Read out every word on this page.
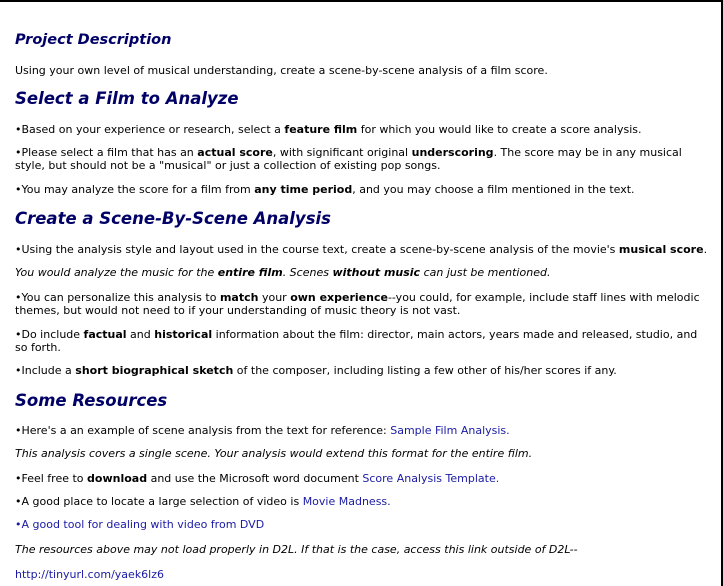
Project Description

Using your own level of musical understanding, create a scene-by-scene analysis of a film score.

Select a Film to Analyze

•Based on your experience or research, select a feature film for which you would like to create a score analysis.

•Please select a film that has an actual score, with significant original underscoring. The score may be in any musical style, but should not be a "musical" or just a collection of existing pop songs.

•You may analyze the score for a film from any time period, and you may choose a film mentioned in the text.

Create a Scene-By-Scene Analysis

•Using the analysis style and layout used in the course text, create a scene-by-scene analysis of the movie's musical score.

You would analyze the music for the entire film. Scenes without music can just be mentioned.

•You can personalize this analysis to match your own experience--you could, for example, include staff lines with melodic themes, but would not need to if your understanding of music theory is not vast.

•Do include factual and historical information about the film: director, main actors, years made and released, studio, and so forth.

•Include a short biographical sketch of the composer, including listing a few other of his/her scores if any.

Some Resources

•Here's a an example of scene analysis from the text for reference: Sample Film Analysis.

This analysis covers a single scene. Your analysis would extend this format for the entire film.

•Feel free to download and use the Microsoft word document Score Analysis Template.

•A good place to locate a large selection of video is Movie Madness.

•A good tool for dealing with video from DVD

The resources above may not load properly in D2L. If that is the case, access this link outside of D2L--

http://tinyurl.com/yaek6lz6
